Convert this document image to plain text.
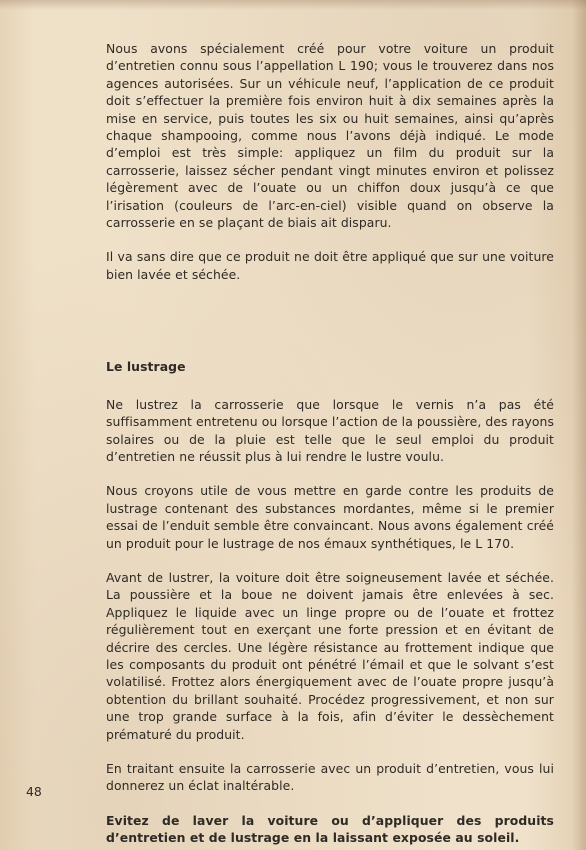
Nous avons spécialement créé pour votre voiture un produit d’entretien connu sous l’appellation L 190; vous le trouverez dans nos agences autorisées. Sur un véhicule neuf, l’application de ce produit doit s’effectuer la première fois environ huit à dix semaines après la mise en service, puis toutes les six ou huit semaines, ainsi qu’après chaque shampooing, comme nous l’avons déjà indiqué. Le mode d’emploi est très simple: appliquez un film du produit sur la carrosserie, laissez sécher pendant vingt minutes environ et polissez légèrement avec de l’ouate ou un chiffon doux jusqu’à ce que l’irisation (couleurs de l’arc-en-ciel) visible quand on observe la carrosserie en se plaçant de biais ait disparu.

Il va sans dire que ce produit ne doit être appliqué que sur une voiture bien lavée et séchée.

Le lustrage

Ne lustrez la carrosserie que lorsque le vernis n’a pas été suffisamment entretenu ou lorsque l’action de la poussière, des rayons solaires ou de la pluie est telle que le seul emploi du produit d’entretien ne réussit plus à lui rendre le lustre voulu.

Nous croyons utile de vous mettre en garde contre les produits de lustrage contenant des substances mordantes, même si le premier essai de l’enduit semble être convaincant. Nous avons également créé un produit pour le lustrage de nos émaux synthétiques, le L 170.

Avant de lustrer, la voiture doit être soigneusement lavée et séchée. La poussière et la boue ne doivent jamais être enlevées à sec. Appliquez le liquide avec un linge propre ou de l’ouate et frottez régulièrement tout en exerçant une forte pression et en évitant de décrire des cercles. Une légère résistance au frottement indique que les composants du produit ont pénétré l’émail et que le solvant s’est volatilisé. Frottez alors énergiquement avec de l’ouate propre jusqu’à obtention du brillant souhaité. Procédez progressivement, et non sur une trop grande surface à la fois, afin d’éviter le dessèchement prématuré du produit.

En traitant ensuite la carrosserie avec un produit d’entretien, vous lui donnerez un éclat inaltérable.

Evitez de laver la voiture ou d’appliquer des produits d’entretien et de lustrage en la laissant exposée au soleil.

48
